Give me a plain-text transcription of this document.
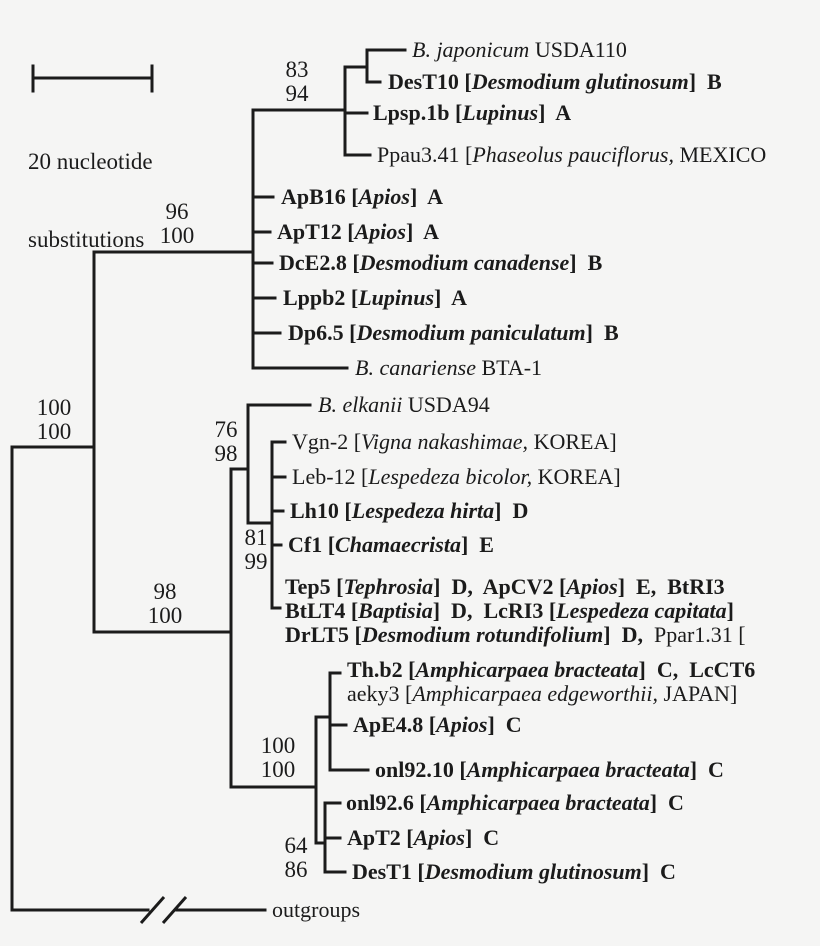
20 nucleotide

substitutions

83
94
96
100
100
100	76
98
81
99
98
100
100
100
64
86
B. japonicum USDA110
DesT10 [Desmodium glutinosum]  B
Lpsp.1b [Lupinus]  A
Ppau3.41 [Phaseolus pauciflorus, MEXICO
ApB16 [Apios]  A
ApT12 [Apios]  A
DcE2.8 [Desmodium canadense]  B
Lppb2 [Lupinus]  A
Dp6.5 [Desmodium paniculatum]  B
B. canariense BTA-1
B. elkanii USDA94
Vgn-2 [Vigna nakashimae, KOREA]
Leb-12 [Lespedeza bicolor, KOREA]
Lh10 [Lespedeza hirta]  D
Cf1 [Chamaecrista]  E
Tep5 [Tephrosia]  D,  ApCV2 [Apios]  E,  BtRI3
BtLT4 [Baptisia]  D,  LcRI3 [Lespedeza capitata]
DrLT5 [Desmodium rotundifolium]  D,  Ppar1.31 [
Th.b2 [Amphicarpaea bracteata]  C,  LcCT6
aeky3 [Amphicarpaea edgeworthii, JAPAN]
ApE4.8 [Apios]  C
onl92.10 [Amphicarpaea bracteata]  C
onl92.6 [Amphicarpaea bracteata]  C
ApT2 [Apios]  C
DesT1 [Desmodium glutinosum]  C
outgroups
